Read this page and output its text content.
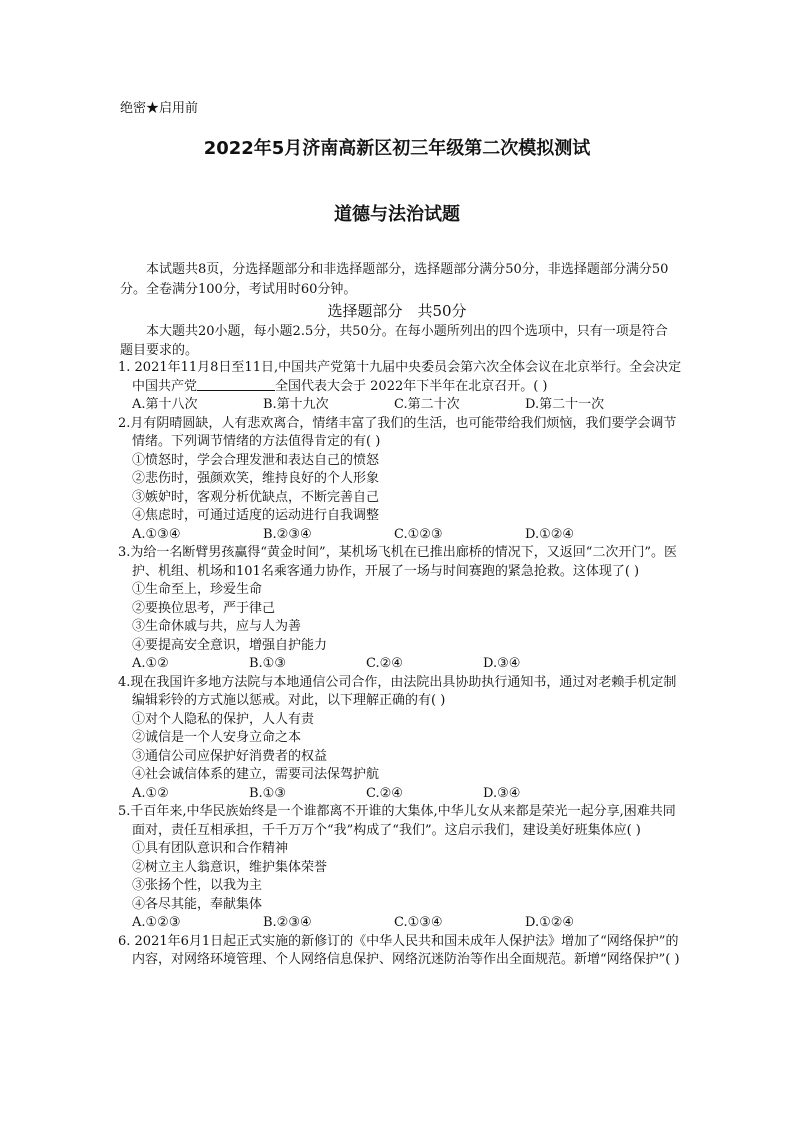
绝密★启用前
2022年5月济南高新区初三年级第二次模拟测试
道德与法治试题
本试题共8页，分选择题部分和非选择题部分，选择题部分满分50分，非选择题部分满分50分。全卷满分100分，考试用时60分钟。
选择题部分　共50分
本大题共20小题，每小题2.5分，共50分。在每小题所列出的四个选项中，只有一项是符合题目要求的。
1. 2021年11月8日至11日,中国共产党第十九届中央委员会第六次全体会议在北京举行。全会决定中国共产党	全国代表大会于 2022年下半年在北京召开。( )
A.第十八次	B.第十九次	C.第二十次	D.第二十一次
2.月有阴晴圆缺，人有悲欢离合，情绪丰富了我们的生活，也可能带给我们烦恼，我们要学会调节情绪。下列调节情绪的方法值得肯定的有( )
①愤怒时，学会合理发泄和表达自己的愤怒
②悲伤时，强颜欢笑，维持良好的个人形象
③嫉妒时，客观分析优缺点，不断完善自己
④焦虑时，可通过适度的运动进行自我调整
A.①③④	B.②③④	C.①②③	D.①②④
3.为给一名断臂男孩赢得“黄金时间”，某机场飞机在已推出廊桥的情况下，又返回“二次开门”。医护、机组、机场和101名乘客通力协作，开展了一场与时间赛跑的紧急抢救。这体现了( )
①生命至上，珍爱生命
②要换位思考，严于律己
③生命休戚与共，应与人为善
④要提高安全意识，增强自护能力
A.①②	B.①③	C.②④	D.③④
4.现在我国许多地方法院与本地通信公司合作，由法院出具协助执行通知书，通过对老赖手机定制编辑彩铃的方式施以惩戒。对此，以下理解正确的有( )
①对个人隐私的保护，人人有责
②诚信是一个人安身立命之本
③通信公司应保护好消费者的权益
④社会诚信体系的建立，需要司法保驾护航
A.①②	B.①③	C.②④	D.③④
5.千百年来,中华民族始终是一个谁都离不开谁的大集体,中华儿女从来都是荣光一起分享,困难共同面对，责任互相承担，千千万万个“我”构成了“我们”。这启示我们，建设美好班集体应( )
①具有团队意识和合作精神
②树立主人翁意识，维护集体荣誉
③张扬个性，以我为主
④各尽其能，奉献集体
A.①②③	B.②③④	C.①③④	D.①②④
6. 2021年6月1日起正式实施的新修订的《中华人民共和国未成年人保护法》增加了“网络保护”的内容，对网络环境管理、个人网络信息保护、网络沉迷防治等作出全面规范。新增“网络保护”( )
